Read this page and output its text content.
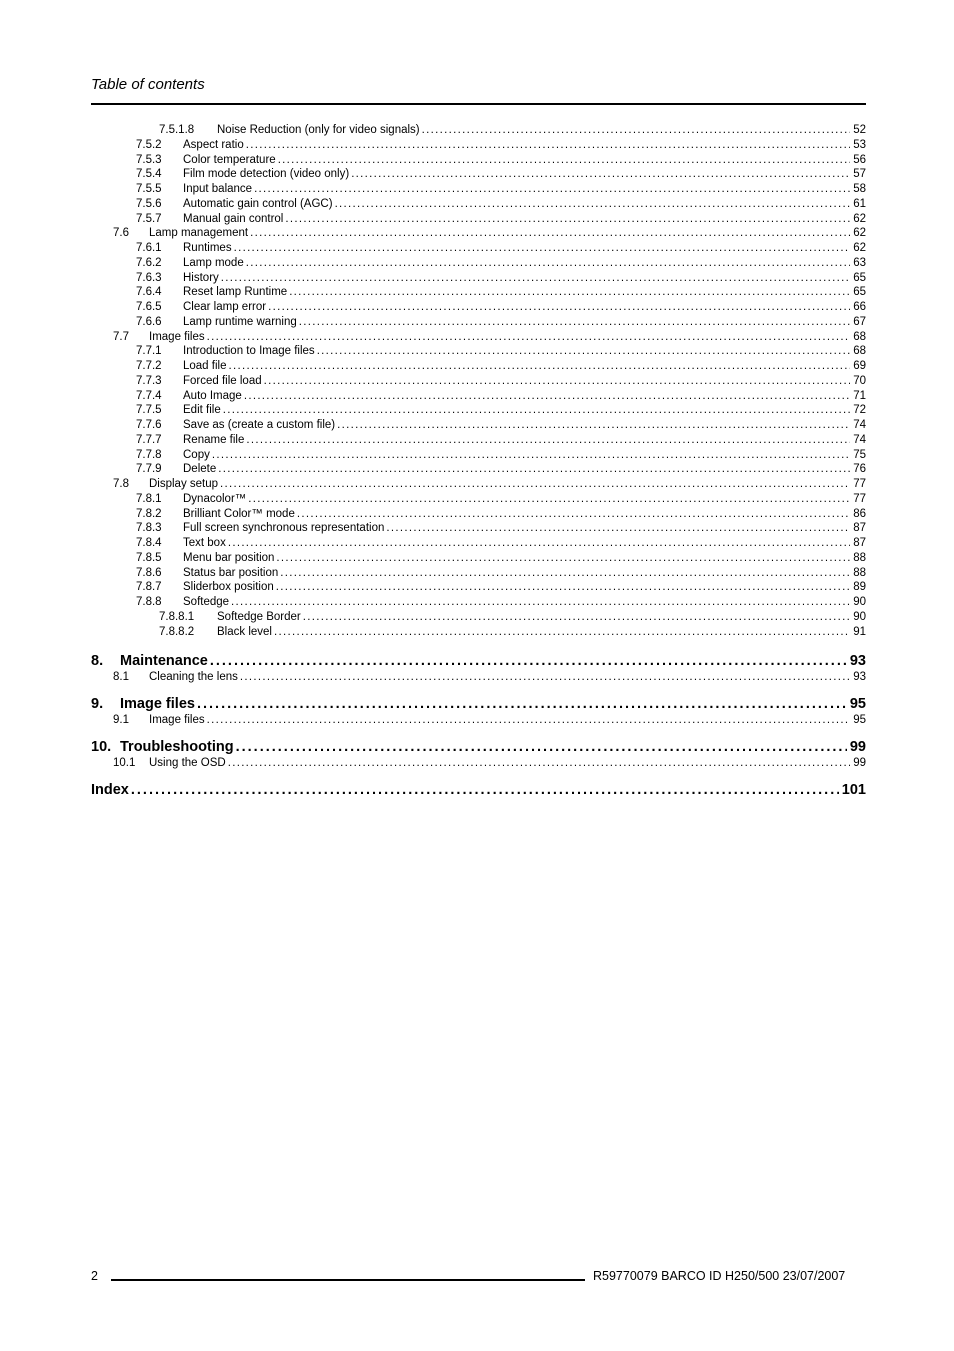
Table of contents
7.5.1.8	Noise Reduction (only for video signals) .....	52
7.5.2	Aspect ratio .....	53
7.5.3	Color temperature .....	56
7.5.4	Film mode detection (video only) .....	57
7.5.5	Input balance .....	58
7.5.6	Automatic gain control (AGC) .....	61
7.5.7	Manual gain control .....	62
7.6	Lamp management .....	62
7.6.1	Runtimes .....	62
7.6.2	Lamp mode .....	63
7.6.3	History .....	65
7.6.4	Reset lamp Runtime .....	65
7.6.5	Clear lamp error .....	66
7.6.6	Lamp runtime warning .....	67
7.7	Image files .....	68
7.7.1	Introduction to Image files .....	68
7.7.2	Load file .....	69
7.7.3	Forced file load .....	70
7.7.4	Auto Image .....	71
7.7.5	Edit file .....	72
7.7.6	Save as (create a custom file) .....	74
7.7.7	Rename file .....	74
7.7.8	Copy .....	75
7.7.9	Delete .....	76
7.8	Display setup .....	77
7.8.1	Dynacolor™ .....	77
7.8.2	Brilliant Color™ mode .....	86
7.8.3	Full screen synchronous representation .....	87
7.8.4	Text box .....	87
7.8.5	Menu bar position .....	88
7.8.6	Status bar position .....	88
7.8.7	Sliderbox position .....	89
7.8.8	Softedge .....	90
7.8.8.1	Softedge Border .....	90
7.8.8.2	Black level .....	91
8.	Maintenance .....	93
8.1	Cleaning the lens .....	93
9.	Image files .....	95
9.1	Image files .....	95
10. Troubleshooting .....	99
10.1	Using the OSD .....	99
Index .....	101
2	R59770079 BARCO ID H250/500 23/07/2007
